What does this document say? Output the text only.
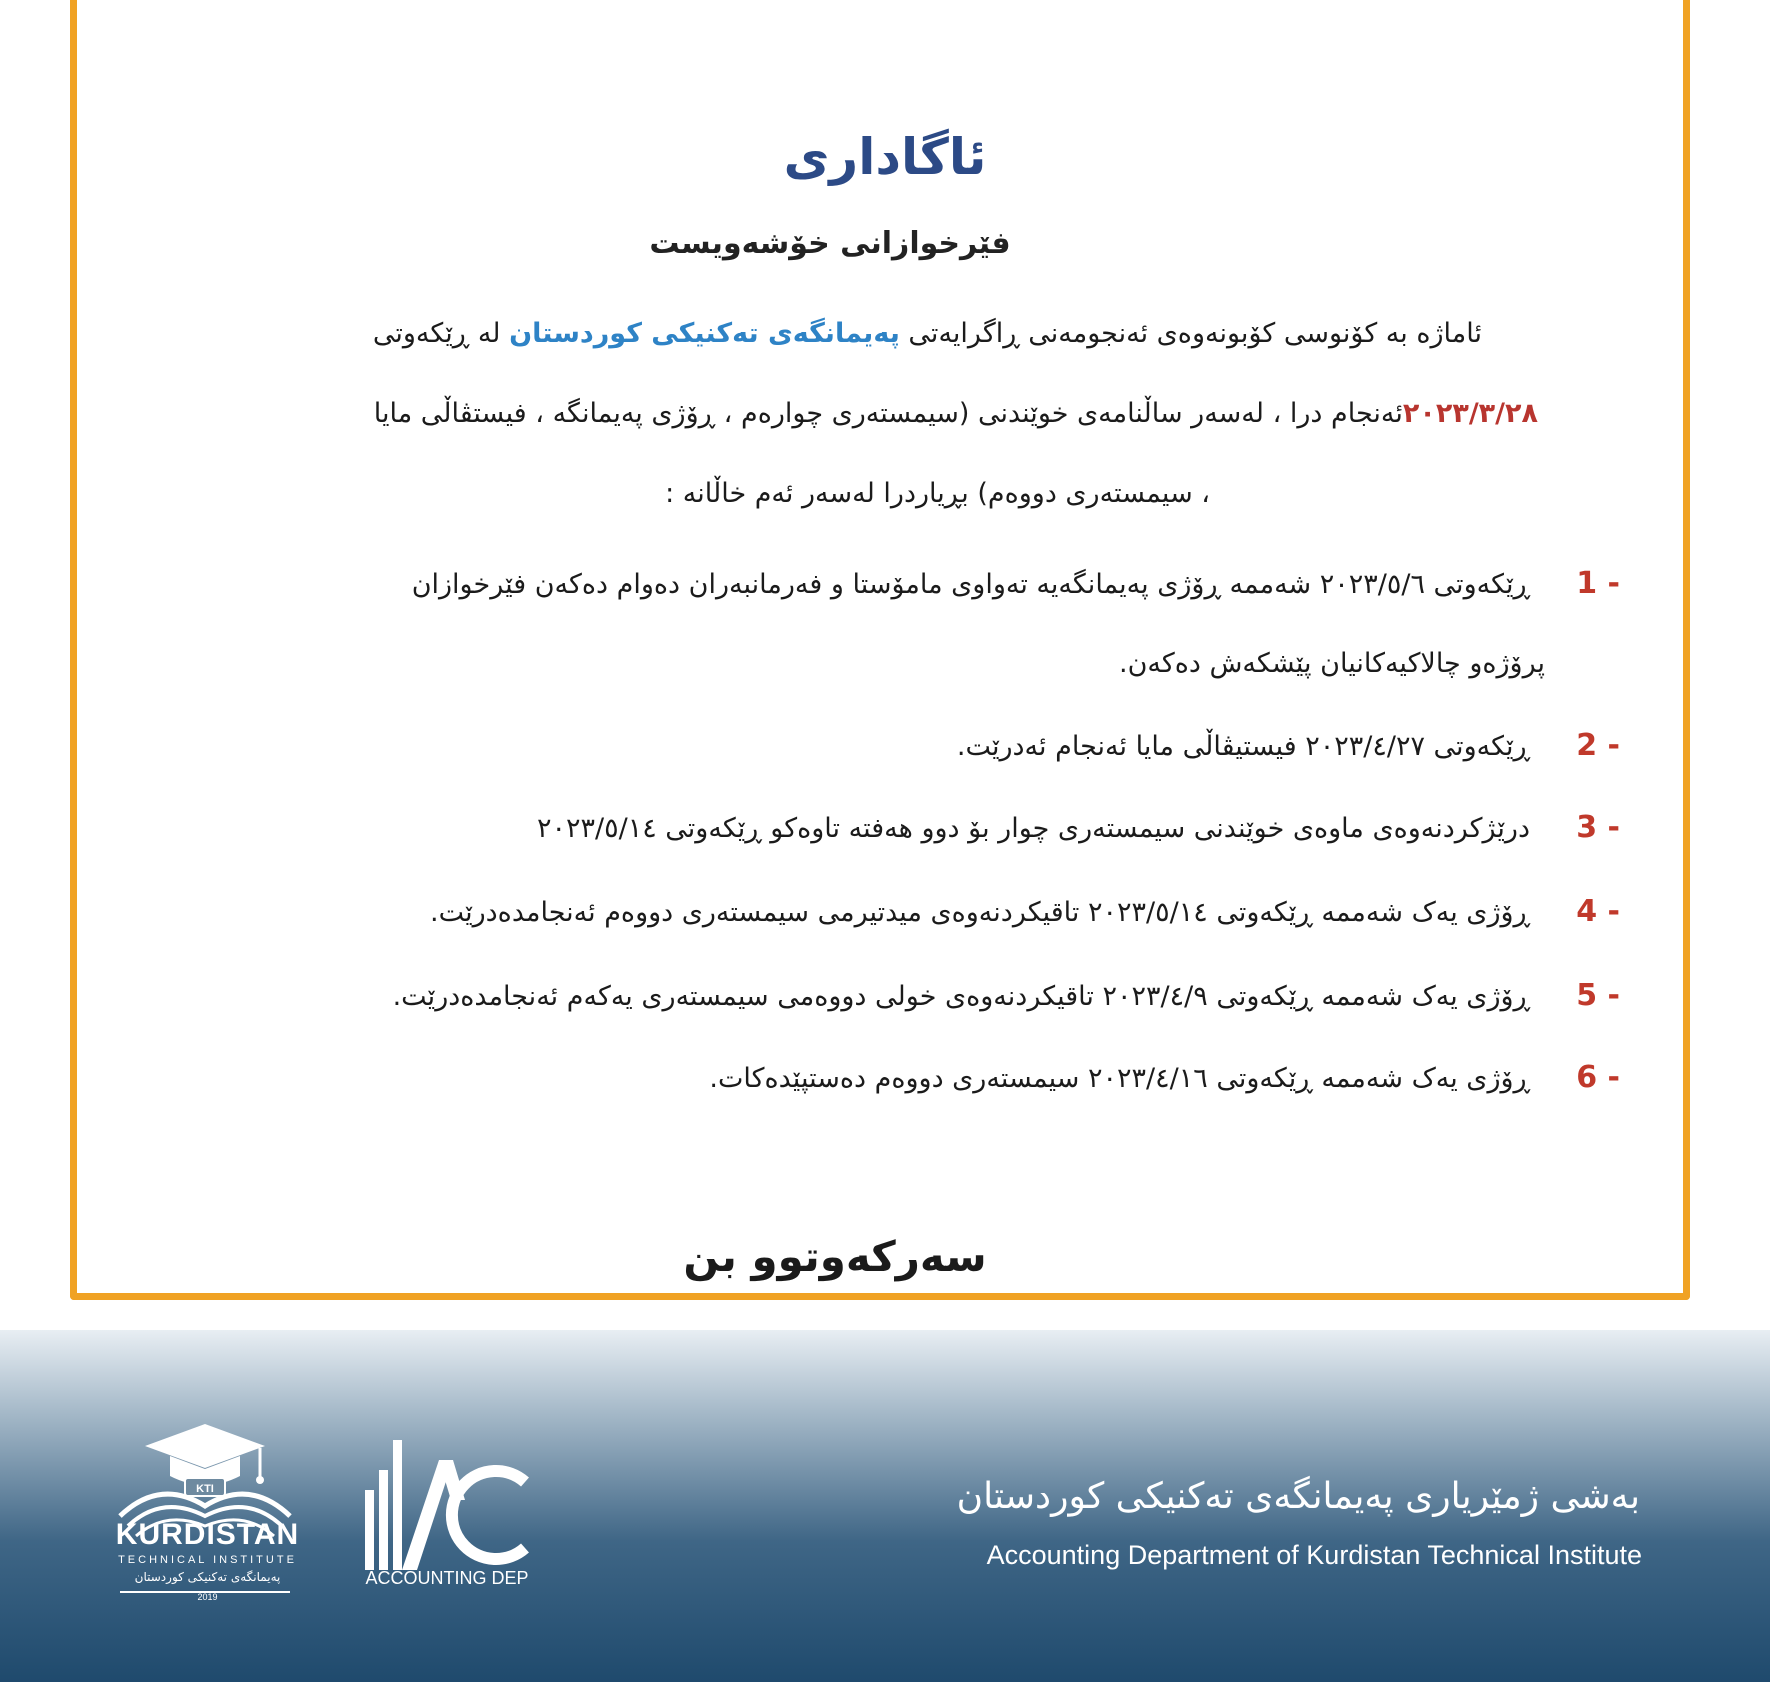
ئاگاداری
فێرخوازانی خۆشەویست
ئاماژە بە کۆنوسی کۆبونەوەی ئەنجومەنی ڕاگرایەتی پەیمانگەی تەکنیکی کوردستان لە ڕێکەوتی
٢٠٢٣/٣/٢٨ئەنجام درا ، لەسەر ساڵنامەی خوێندنی (سیمستەری چوارەم ، ڕۆژی پەیمانگە ، فیستڤاڵی مایا
، سیمستەری دووەم) بڕیاردرا لەسەر ئەم خاڵانە :
1 -ڕێکەوتی ٢٠٢٣/٥/٦ شەممە ڕۆژی پەیمانگەیە تەواوی مامۆستا و فەرمانبەران دەوام دەکەن فێرخوازان
پرۆژەو چالاکیەکانیان پێشکەش دەکەن.
2 -ڕێکەوتی ٢٠٢٣/٤/٢٧ فیستیڤاڵی مایا ئەنجام ئەدرێت.
3 -درێژکردنەوەی ماوەی خوێندنی سیمستەری چوار بۆ دوو هەفتە تاوەکو ڕێکەوتی ٢٠٢٣/٥/١٤
4 -ڕۆژی یەک شەممە ڕێکەوتی ٢٠٢٣/٥/١٤ تاقیکردنەوەی میدتیرمی سیمستەری دووەم ئەنجامدەدرێت.
5 -ڕۆژی یەک شەممە ڕێکەوتی ٢٠٢٣/٤/٩ تاقیکردنەوەی خولی دووەمی سیمستەری یەکەم ئەنجامدەدرێت.
6 -ڕۆژی یەک شەممە ڕێکەوتی ٢٠٢٣/٤/١٦ سیمستەری دووەم دەستپێدەکات.
سەرکەوتوو بن
KTI
KURDISTAN
TECHNICAL INSTITUTE
پەیمانگەی تەکنیکی کوردستان
2019
ACCOUNTING DEP
بەشی ژمێریاری پەیمانگەی تەکنیکی کوردستان
Accounting Department of Kurdistan Technical Institute
